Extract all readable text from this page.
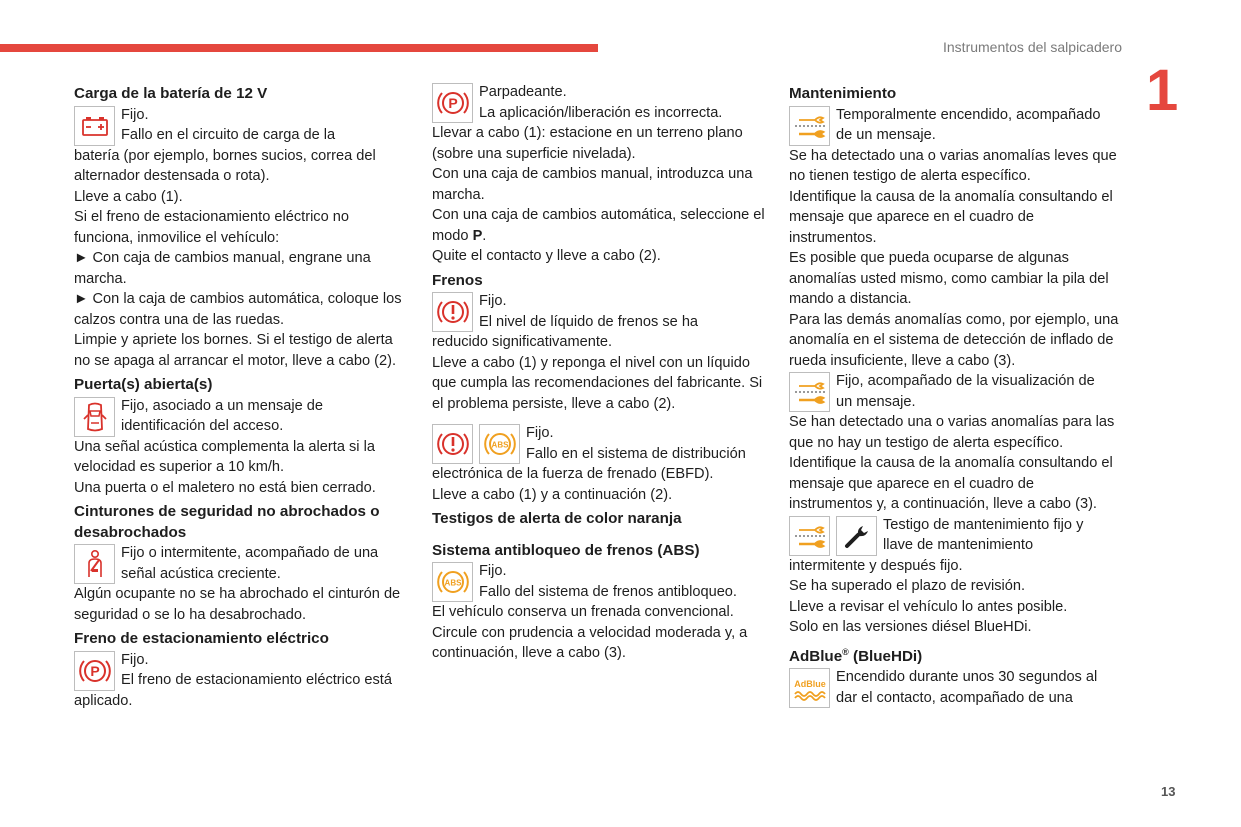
Instrumentos del salpicadero
1
Carga de la batería de 12 V
Fijo.
Fallo en el circuito de carga de la
batería (por ejemplo, bornes sucios, correa del alternador destensada o rota).
Lleve a cabo (1).
Si el freno de estacionamiento eléctrico no funciona, inmovilice el vehículo:
► Con caja de cambios manual, engrane una marcha.
► Con la caja de cambios automática, coloque los calzos contra una de las ruedas.
Limpie y apriete los bornes. Si el testigo de alerta no se apaga al arrancar el motor, lleve a cabo (2).
Puerta(s) abierta(s)
Fijo, asociado a un mensaje de
identificación del acceso.
Una señal acústica complementa la alerta si la velocidad es superior a 10 km/h.
Una puerta o el maletero no está bien cerrado.
Cinturones de seguridad no abrochados o desabrochados
Fijo o intermitente, acompañado de una
señal acústica creciente.
Algún ocupante no se ha abrochado el cinturón de seguridad o se lo ha desabrochado.
Freno de estacionamiento eléctrico
P
Fijo.
El freno de estacionamiento eléctrico está
aplicado.
P
Parpadeante.
La aplicación/liberación es incorrecta.
Llevar a cabo (1): estacione en un terreno plano (sobre una superficie nivelada).
Con una caja de cambios manual, introduzca una marcha.
Con una caja de cambios automática, seleccione el modo P.
Quite el contacto y lleve a cabo (2).
Frenos
Fijo.
El nivel de líquido de frenos se ha
reducido significativamente.
Lleve a cabo (1) y reponga el nivel con un líquido que cumpla las recomendaciones del fabricante. Si el problema persiste, lleve a cabo (2).
ABS
Fijo.
Fallo en el sistema de distribución
electrónica de la fuerza de frenado (EBFD).
Lleve a cabo (1) y a continuación (2).
Testigos de alerta de color naranja
Sistema antibloqueo de frenos (ABS)
ABS
Fijo.
Fallo del sistema de frenos antibloqueo.
El vehículo conserva un frenada convencional.
Circule con prudencia a velocidad moderada y, a continuación, lleve a cabo (3).
Mantenimiento
Temporalmente encendido, acompañado
de un mensaje.
Se ha detectado una o varias anomalías leves que no tienen testigo de alerta específico.
Identifique la causa de la anomalía consultando el mensaje que aparece en el cuadro de instrumentos.
Es posible que pueda ocuparse de algunas anomalías usted mismo, como cambiar la pila del mando a distancia.
Para las demás anomalías como, por ejemplo, una anomalía en el sistema de detección de inflado de rueda insuficiente, lleve a cabo (3).
Fijo, acompañado de la visualización de
un mensaje.
Se han detectado una o varias anomalías para las que no hay un testigo de alerta específico.
Identifique la causa de la anomalía consultando el mensaje que aparece en el cuadro de instrumentos y, a continuación, lleve a cabo (3).
Testigo de mantenimiento fijo y
llave de mantenimiento
intermitente y después fijo.
Se ha superado el plazo de revisión.
Lleve a revisar el vehículo lo antes posible.
Solo en las versiones diésel BlueHDi.
AdBlue® (BlueHDi)
AdBlue Encendido durante unos 30 segundos al
dar el contacto, acompañado de una
13
